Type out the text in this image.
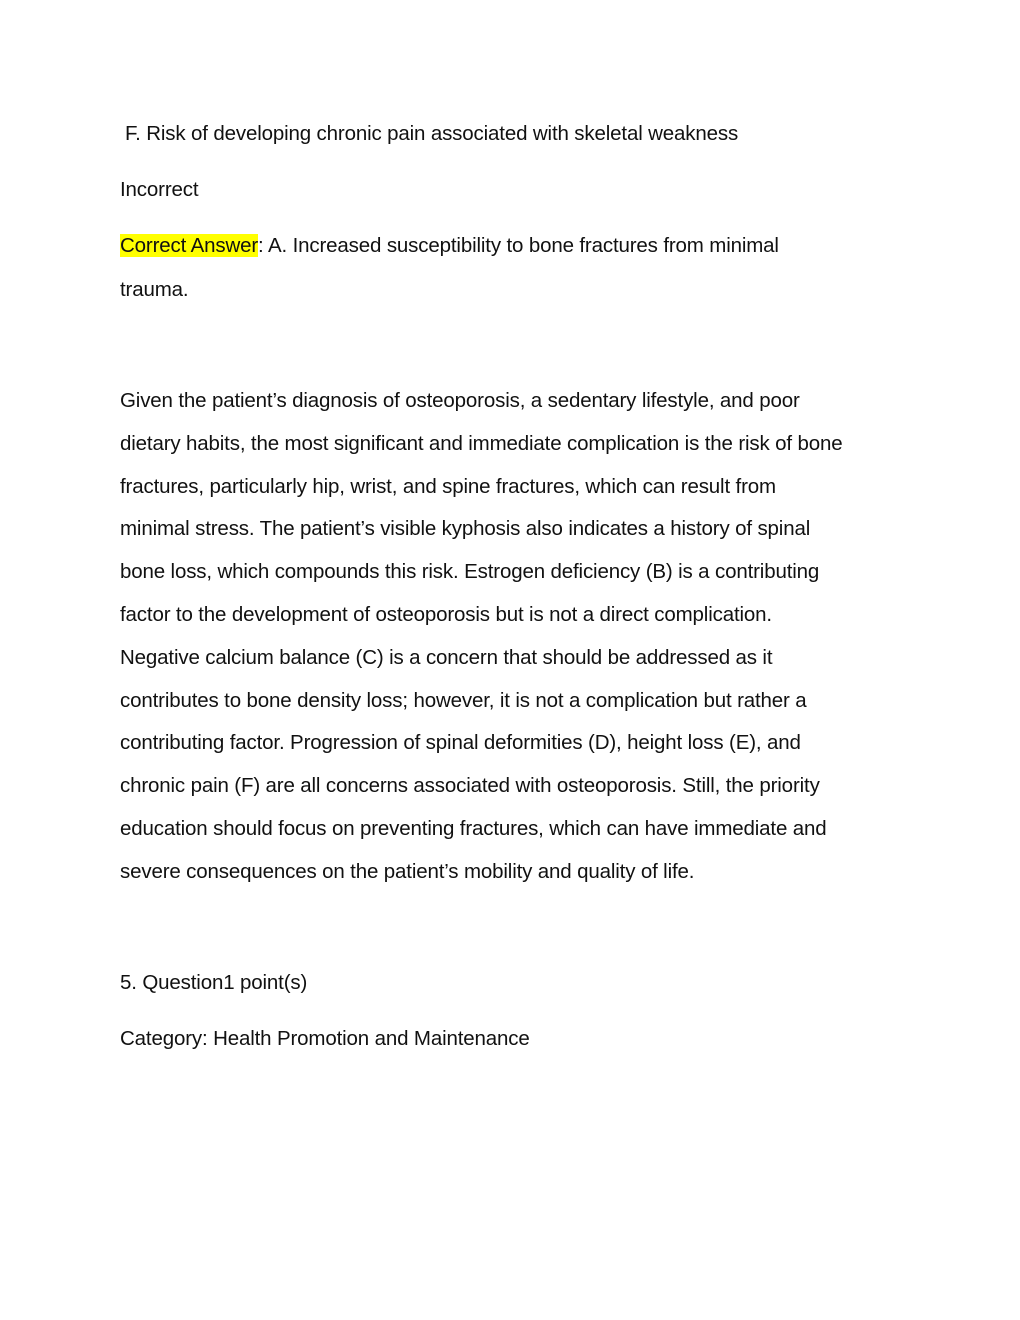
F. Risk of developing chronic pain associated with skeletal weakness
Incorrect
Correct Answer: A. Increased susceptibility to bone fractures from minimal
trauma.
Given the patient’s diagnosis of osteoporosis, a sedentary lifestyle, and poor
dietary habits, the most significant and immediate complication is the risk of bone
fractures, particularly hip, wrist, and spine fractures, which can result from
minimal stress. The patient’s visible kyphosis also indicates a history of spinal
bone loss, which compounds this risk. Estrogen deficiency (B) is a contributing
factor to the development of osteoporosis but is not a direct complication.
Negative calcium balance (C) is a concern that should be addressed as it
contributes to bone density loss; however, it is not a complication but rather a
contributing factor. Progression of spinal deformities (D), height loss (E), and
chronic pain (F) are all concerns associated with osteoporosis. Still, the priority
education should focus on preventing fractures, which can have immediate and
severe consequences on the patient’s mobility and quality of life.
5. Question1 point(s)
Category: Health Promotion and Maintenance
